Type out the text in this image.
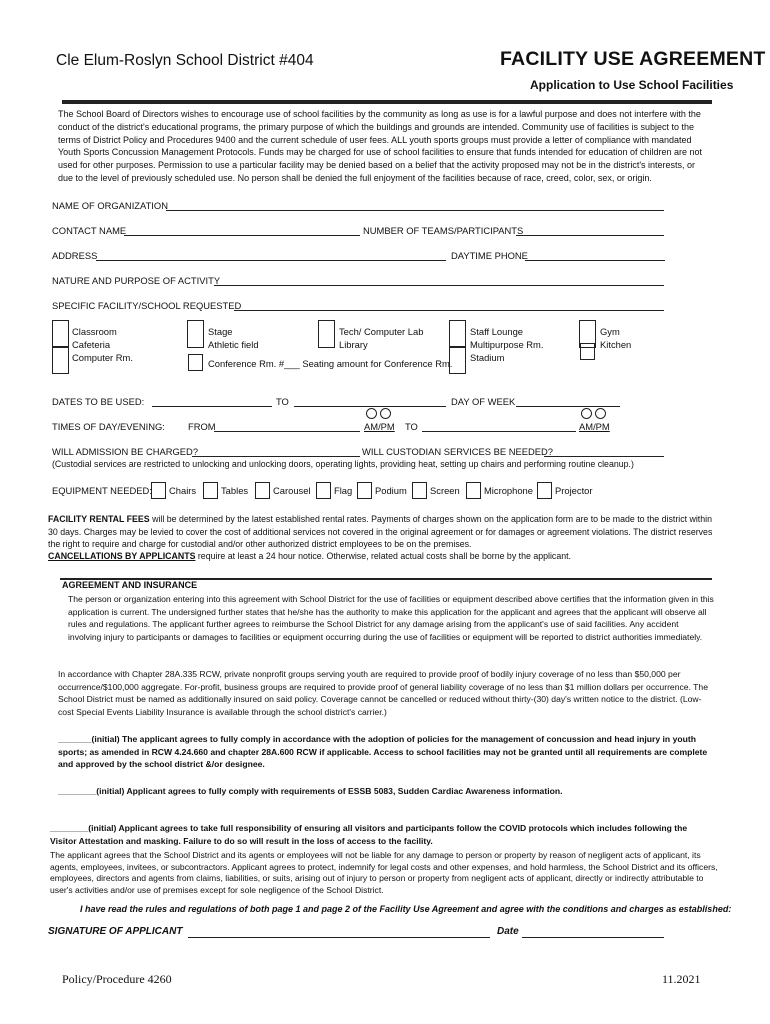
Cle Elum-Roslyn School District #404	FACILITY USE AGREEMENT
Application to Use School Facilities
The School Board of Directors wishes to encourage use of school facilities by the community as long as use is for a lawful purpose and does not interfere with the conduct of the district's educational programs, the primary purpose of which the buildings and grounds are intended. Community use of facilities is subject to the terms of District Policy and Procedures 9400 and the current schedule of user fees. ALL youth sports groups must provide a letter of compliance with mandated Youth Sports Concussion Management Protocols. Funds may be charged for use of school facilities to ensure that funds intended for education of children are not used for other purposes. Permission to use a particular facility may be denied based on a belief that the activity proposed may not be in the district's interests, or due to the level of previously scheduled use. No person shall be denied the full enjoyment of the facilities because of race, creed, color, sex, or origin.
NAME OF ORGANIZATION
CONTACT NAME	NUMBER OF TEAMS/PARTICIPANTS
ADDRESS	DAYTIME PHONE
NATURE AND PURPOSE OF ACTIVITY
SPECIFIC FACILITY/SCHOOL REQUESTED
Classroom
Cafeteria
Computer Rm.
Stage
Athletic field
Tech/ Computer Lab
Library
Conference Rm. #___ Seating amount for Conference Rm.
Staff Lounge
Multipurpose Rm.
Stadium
Gym
Kitchen
DATES TO BE USED:	TO	DAY OF WEEK
TIMES OF DAY/EVENING: FROM	AM/PM TO	AM/PM
WILL ADMISSION BE CHARGED?	WILL CUSTODIAN SERVICES BE NEEDED?
(Custodial services are restricted to unlocking and unlocking doors, operating lights, providing heat, setting up chairs and performing routine cleanup.)
EQUIPMENT NEEDED: Chairs	Tables	Carousel Flag Podium Screen	Microphone Projector
FACILITY RENTAL FEES will be determined by the latest established rental rates. Payments of charges shown on the application form are to be made to the district within 30 days. Charges may be levied to cover the cost of additional services not covered in the original agreement or for damages or agreement violations. The district reserves the right to require and charge for custodial and/or other authorized district employees to be on the premises.
CANCELLATIONS BY APPLICANTS require at least a 24 hour notice. Otherwise, related actual costs shall be borne by the applicant.
AGREEMENT AND INSURANCE
The person or organization entering into this agreement with School District for the use of facilities or equipment described above certifies that the information given in this application is current. The undersigned further states that he/she has the authority to make this application for the applicant and agrees that the applicant will observe all rules and regulations. The applicant further agrees to reimburse the School District for any damage arising from the applicant's use of said facilities. Any accident involving injury to participants or damages to facilities or equipment occurring during the use of facilities or equipment will be reported to district authorities immediately.
In accordance with Chapter 28A.335 RCW, private nonprofit groups serving youth are required to provide proof of bodily injury coverage of no less than $50,000 per occurrence/$100,000 aggregate. For-profit, business groups are required to provide proof of general liability coverage of no less than $1 million dollars per occurrence. The School District must be named as additionally insured on said policy. Coverage cannot be cancelled or reduced without thirty-(30) day's written notice to the district. (Low-cost Special Events Liability Insurance is available through the school district's carrier.)
_______(initial) The applicant agrees to fully comply in accordance with the adoption of policies for the management of concussion and head injury in youth sports; as amended in RCW 4.24.660 and chapter 28A.600 RCW if applicable. Access to school facilities may not be granted until all requirements are complete and approved by the school district &/or designee.
________(initial) Applicant agrees to fully comply with requirements of ESSB 5083, Sudden Cardiac Awareness information.
________(initial) Applicant agrees to take full responsibility of ensuring all visitors and participants follow the COVID protocols which includes following the Visitor Attestation and masking. Failure to do so will result in the loss of access to the facility.
The applicant agrees that the School District and its agents or employees will not be liable for any damage to person or property by reason of negligent acts of applicant, its agents, employees, invitees, or subcontractors. Applicant agrees to protect, indemnify for legal costs and other expenses, and hold harmless, the School District and its officers, employees, directors and agents from claims, liabilities, or suits, arising out of injury to person or property from negligent acts of applicant, directly or indirectly attributable to user's activities and/or use of premises except for sole negligence of the School District.
I have read the rules and regulations of both page 1 and page 2 of the Facility Use Agreement and agree with the conditions and charges as established:
SIGNATURE OF APPLICANT	Date
Policy/Procedure 4260	11.2021
